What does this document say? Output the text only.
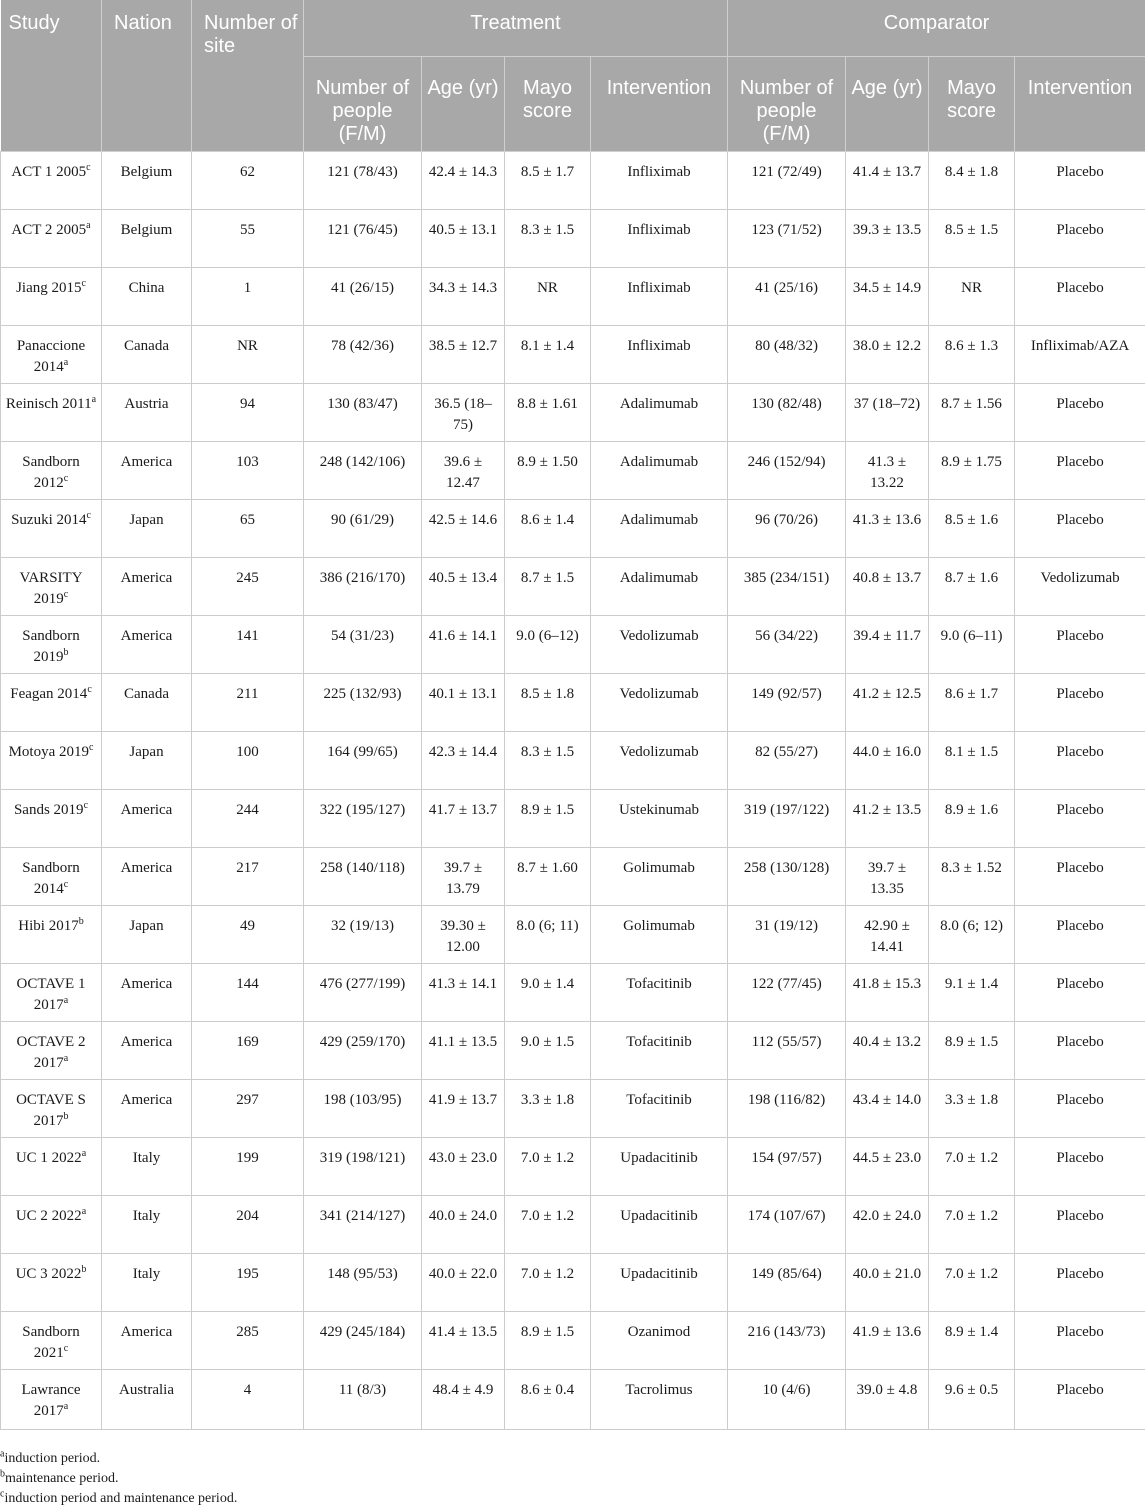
Study	Nation	Number of site	Treatment				Comparator			
			Number of people (F/M)	Age (yr)	Mayo score	Intervention	Number of people (F/M)	Age (yr)	Mayo score	Intervention
ACT 1 2005$^c$	Belgium	62	121 (78/43)	42.4 ± 14.3	8.5 ± 1.7	Infliximab	121 (72/49)	41.4 ± 13.7	8.4 ± 1.8	Placebo
ACT 2 2005$^a$	Belgium	55	121 (76/45)	40.5 ± 13.1	8.3 ± 1.5	Infliximab	123 (71/52)	39.3 ± 13.5	8.5 ± 1.5	Placebo
Jiang 2015$^c$	China	1	41 (26/15)	34.3 ± 14.3	NR	Infliximab	41 (25/16)	34.5 ± 14.9	NR	Placebo
Panaccione 2014$^a$	Canada	NR	78 (42/36)	38.5 ± 12.7	8.1 ± 1.4	Infliximab	80 (48/32)	38.0 ± 12.2	8.6 ± 1.3	Infliximab/AZA
Reinisch 2011$^a$	Austria	94	130 (83/47)	36.5 (18–75)	8.8 ± 1.61	Adalimumab	130 (82/48)	37 (18–72)	8.7 ± 1.56	Placebo
Sandborn 2012$^c$	America	103	248 (142/106)	39.6 ± 12.47	8.9 ± 1.50	Adalimumab	246 (152/94)	41.3 ± 13.22	8.9 ± 1.75	Placebo
Suzuki 2014$^c$	Japan	65	90 (61/29)	42.5 ± 14.6	8.6 ± 1.4	Adalimumab	96 (70/26)	41.3 ± 13.6	8.5 ± 1.6	Placebo
VARSITY 2019$^c$	America	245	386 (216/170)	40.5 ± 13.4	8.7 ± 1.5	Adalimumab	385 (234/151)	40.8 ± 13.7	8.7 ± 1.6	Vedolizumab
Sandborn 2019$^b$	America	141	54 (31/23)	41.6 ± 14.1	9.0 (6–12)	Vedolizumab	56 (34/22)	39.4 ± 11.7	9.0 (6–11)	Placebo
Feagan 2014$^c$	Canada	211	225 (132/93)	40.1 ± 13.1	8.5 ± 1.8	Vedolizumab	149 (92/57)	41.2 ± 12.5	8.6 ± 1.7	Placebo
Motoya 2019$^c$	Japan	100	164 (99/65)	42.3 ± 14.4	8.3 ± 1.5	Vedolizumab	82 (55/27)	44.0 ± 16.0	8.1 ± 1.5	Placebo
Sands 2019$^c$	America	244	322 (195/127)	41.7 ± 13.7	8.9 ± 1.5	Ustekinumab	319 (197/122)	41.2 ± 13.5	8.9 ± 1.6	Placebo
Sandborn 2014$^c$	America	217	258 (140/118)	39.7 ± 13.79	8.7 ± 1.60	Golimumab	258 (130/128)	39.7 ± 13.35	8.3 ± 1.52	Placebo
Hibi 2017$^b$	Japan	49	32 (19/13)	39.30 ± 12.00	8.0 (6; 11)	Golimumab	31 (19/12)	42.90 ± 14.41	8.0 (6; 12)	Placebo
OCTAVE 1 2017$^a$	America	144	476 (277/199)	41.3 ± 14.1	9.0 ± 1.4	Tofacitinib	122 (77/45)	41.8 ± 15.3	9.1 ± 1.4	Placebo
OCTAVE 2 2017$^a$	America	169	429 (259/170)	41.1 ± 13.5	9.0 ± 1.5	Tofacitinib	112 (55/57)	40.4 ± 13.2	8.9 ± 1.5	Placebo
OCTAVE S 2017$^b$	America	297	198 (103/95)	41.9 ± 13.7	3.3 ± 1.8	Tofacitinib	198 (116/82)	43.4 ± 14.0	3.3 ± 1.8	Placebo
UC 1 2022$^a$	Italy	199	319 (198/121)	43.0 ± 23.0	7.0 ± 1.2	Upadacitinib	154 (97/57)	44.5 ± 23.0	7.0 ± 1.2	Placebo
UC 2 2022$^a$	Italy	204	341 (214/127)	40.0 ± 24.0	7.0 ± 1.2	Upadacitinib	174 (107/67)	42.0 ± 24.0	7.0 ± 1.2	Placebo
UC 3 2022$^b$	Italy	195	148 (95/53)	40.0 ± 22.0	7.0 ± 1.2	Upadacitinib	149 (85/64)	40.0 ± 21.0	7.0 ± 1.2	Placebo
Sandborn 2021$^c$	America	285	429 (245/184)	41.4 ± 13.5	8.9 ± 1.5	Ozanimod	216 (143/73)	41.9 ± 13.6	8.9 ± 1.4	Placebo
Lawrance 2017$^a$	Australia	4	11 (8/3)	48.4 ± 4.9	8.6 ± 0.4	Tacrolimus	10 (4/6)	39.0 ± 4.8	9.6 ± 0.5	Placebo
$^a$induction period.
$^b$maintenance period.
$^c$induction period and maintenance period.
